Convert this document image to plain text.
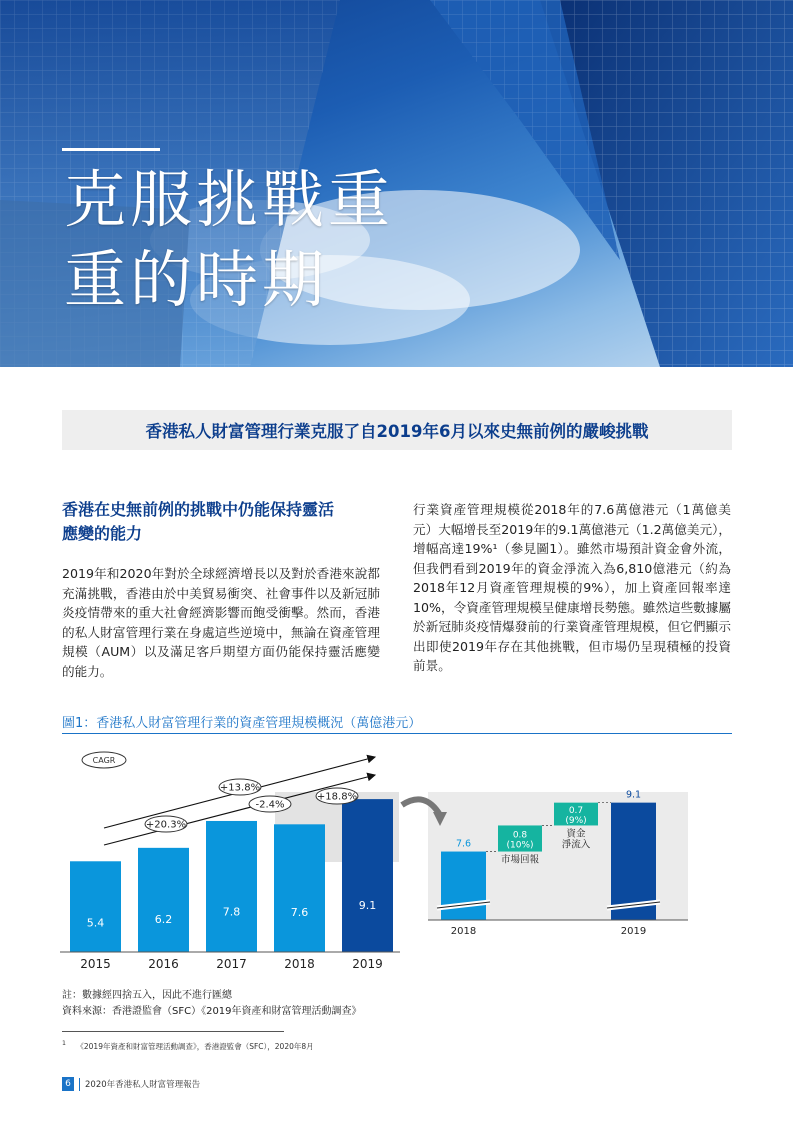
克服挑戰重
重的時期
香港私人財富管理行業克服了自2019年6月以來史無前例的嚴峻挑戰
香港在史無前例的挑戰中仍能保持靈活
應變的能力

2019年和2020年對於全球經濟增長以及對於香港來說都充滿挑戰，香港由於中美貿易衝突、社會事件以及新冠肺炎疫情帶來的重大社會經濟影響而飽受衝擊。然而，香港的私人財富管理行業在身處這些逆境中，無論在資產管理規模（AUM）以及滿足客戶期望方面仍能保持靈活應變的能力。

行業資產管理規模從2018年的7.6萬億港元（1萬億美元）大幅增長至2019年的9.1萬億港元（1.2萬億美元），增幅高達19%¹（參見圖1）。雖然市場預計資金會外流，但我們看到2019年的資金淨流入為6,810億港元（約為2018年12月資產管理規模的9%），加上資產回報率達10%，令資產管理規模呈健康增長勢態。雖然這些數據屬於新冠肺炎疫情爆發前的行業資產管理規模，但它們顯示出即使2019年存在其他挑戰，但市場仍呈現積極的投資前景。

圖1：香港私人財富管理行業的資產管理規模概況（萬億港元）
CAGR
5.4
2015
6.2
2016
7.8
2017
7.6
2018
9.1
2019
+20.3%
+13.8%
-2.4%
+18.8%
7.6
0.8
(10%)
市場回報
0.7
(9%)
資金
淨流入
9.1
2018	2019
註：數據經四捨五入，因此不進行匯總
資料來源：香港證監會（SFC）《2019年資產和財富管理活動調查》
$^1$ 《2019年資產和財富管理活動調查》，香港證監會（SFC），2020年8月
6	2020年香港私人財富管理報告
